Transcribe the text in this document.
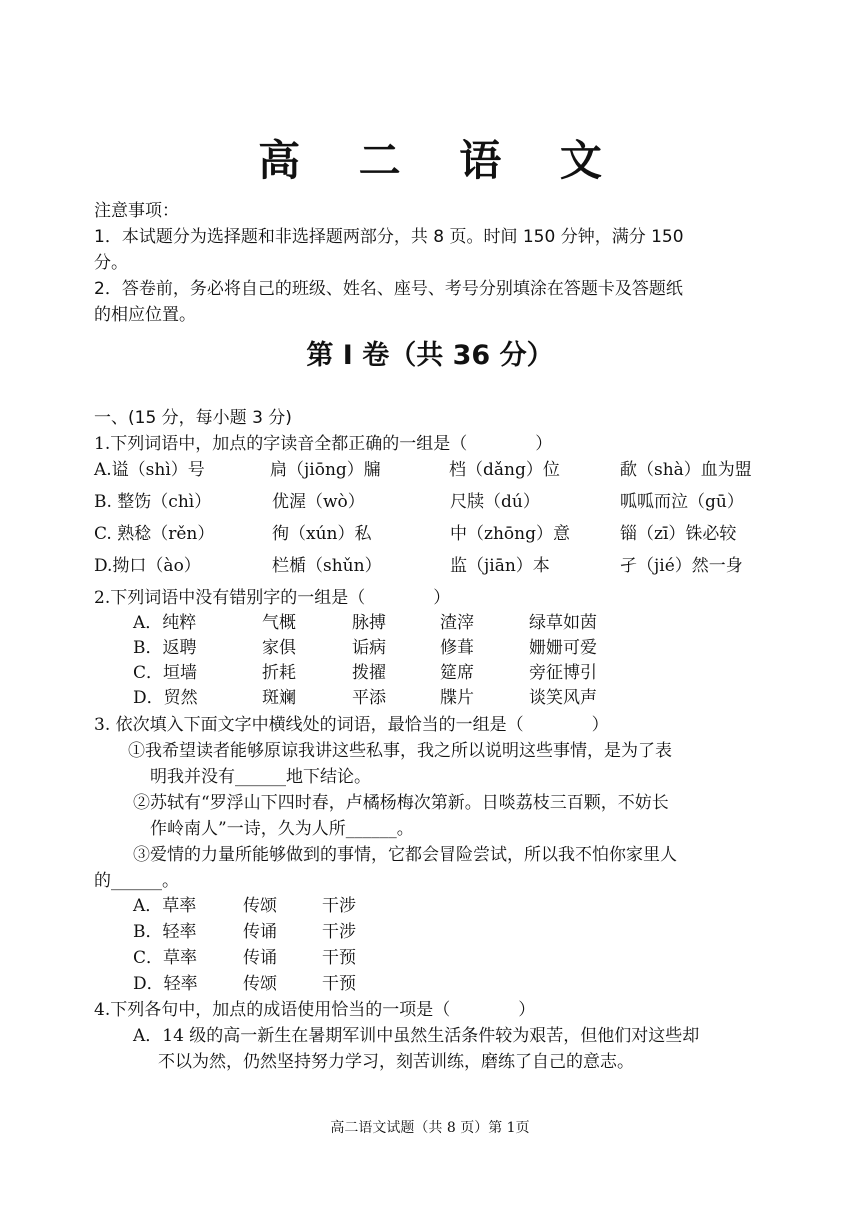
高 二 语 文
注意事项：
1．本试题分为选择题和非选择题两部分，共 8 页。时间 150 分钟，满分 150
分。
2．答卷前，务必将自己的班级、姓名、座号、考号分别填涂在答题卡及答题纸
的相应位置。
第 I 卷（共 36 分）
一、(15 分，每小题 3 分)
1.下列词语中，加点的字读音全都正确的一组是（　　　　）
A.谥（shì）号	扃（jiōng）牖	档（dǎng）位	歃（shà）血为盟
B. 整饬（chì）	优渥（wò）	尺牍（dú）	呱呱而泣（gū）
C. 熟稔（rěn）	徇（xún）私	中（zhōng）意	锱（zī）铢必较
D.拗口（ào）	栏楯（shǔn）	监（jiān）本	孑（jié）然一身
2.下列词语中没有错别字的一组是（　　　　）
A．纯粹	气概	脉搏	渣滓	绿草如茵
B．返聘	家俱	诟病	修葺	姗姗可爱
C．垣墙	折耗	拨擢	筵席	旁征博引
D．贸然	斑斓	平添	牒片	谈笑风声
3. 依次填入下面文字中横线处的词语，最恰当的一组是（　　　　）
①我希望读者能够原谅我讲这些私事，我之所以说明这些事情，是为了表
明我并没有______地下结论。
②苏轼有“罗浮山下四时春，卢橘杨梅次第新。日啖荔枝三百颗，不妨长
作岭南人”一诗，久为人所______。
③爱情的力量所能够做到的事情，它都会冒险尝试，所以我不怕你家里人
的______。
A．草率	传颂	干涉
B．轻率	传诵	干涉
C．草率	传诵	干预
D．轻率	传颂	干预
4.下列各句中，加点的成语使用恰当的一项是（　　　　）
A．14 级的高一新生在暑期军训中虽然生活条件较为艰苦，但他们对这些却
不以为然，仍然坚持努力学习，刻苦训练，磨练了自己的意志。
高二语文试题（共 8 页）第 1页
